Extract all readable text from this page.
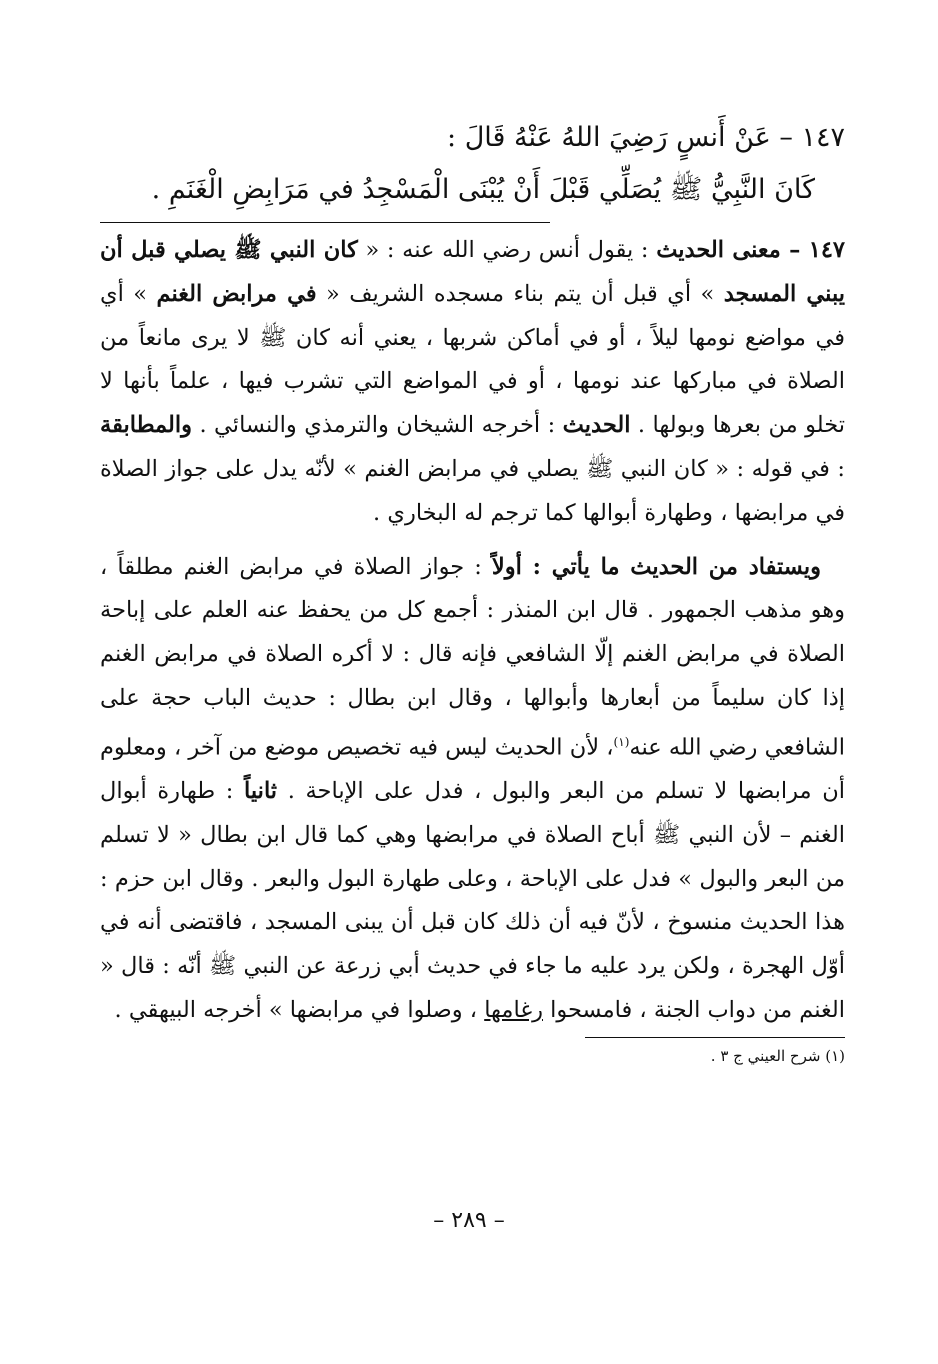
١٤٧ – عَنْ أَنسٍ رَضِيَ اللهُ عَنْهُ قَالَ :

كَانَ النَّبِيُّ ﷺ يُصَلِّي قَبْلَ أَنْ يُبْنَى الْمَسْجِدُ في مَرَابِضِ الْغَنَمِ .

١٤٧ – معنى الحديث : يقول أنس رضي الله عنه : « كان النبي ﷺ يصلي قبل أن يبني المسجد » أي قبل أن يتم بناء مسجده الشريف « في مرابض الغنم » أي في مواضع نومها ليلاً ، أو في أماكن شربها ، يعني أنه كان ﷺ لا يرى مانعاً من الصلاة في مباركها عند نومها ، أو في المواضع التي تشرب فيها ، علماً بأنها لا تخلو من بعرها وبولها . الحديث : أخرجه الشيخان والترمذي والنسائي . والمطابقة : في قوله : « كان النبي ﷺ يصلي في مرابض الغنم » لأنّه يدل على جواز الصلاة في مرابضها ، وطهارة أبوالها كما ترجم له البخاري .

ويستفاد من الحديث ما يأتي : أولاً : جواز الصلاة في مرابض الغنم مطلقاً ، وهو مذهب الجمهور . قال ابن المنذر : أجمع كل من يحفظ عنه العلم على إباحة الصلاة في مرابض الغنم إلّا الشافعي فإنه قال : لا أكره الصلاة في مرابض الغنم إذا كان سليماً من أبعارها وأبوالها ، وقال ابن بطال : حديث الباب حجة على الشافعي رضي الله عنه$^{(١)}$، لأن الحديث ليس فيه تخصيص موضع من آخر ، ومعلوم أن مرابضها لا تسلم من البعر والبول ، فدل على الإباحة . ثانياً : طهارة أبوال الغنم – لأن النبي ﷺ أباح الصلاة في مرابضها وهي كما قال ابن بطال « لا تسلم من البعر والبول » فدل على الإباحة ، وعلى طهارة البول والبعر . وقال ابن حزم : هذا الحديث منسوخ ، لأنّ فيه أن ذلك كان قبل أن يبنى المسجد ، فاقتضى أنه في أوّل الهجرة ، ولكن يرد عليه ما جاء في حديث أبي زرعة عن النبي ﷺ أنّه : قال « الغنم من دواب الجنة ، فامسحوا رغامها ، وصلوا في مرابضها » أخرجه البيهقي .

(١) شرح العيني ج ٣ .
– ٢٨٩ –
